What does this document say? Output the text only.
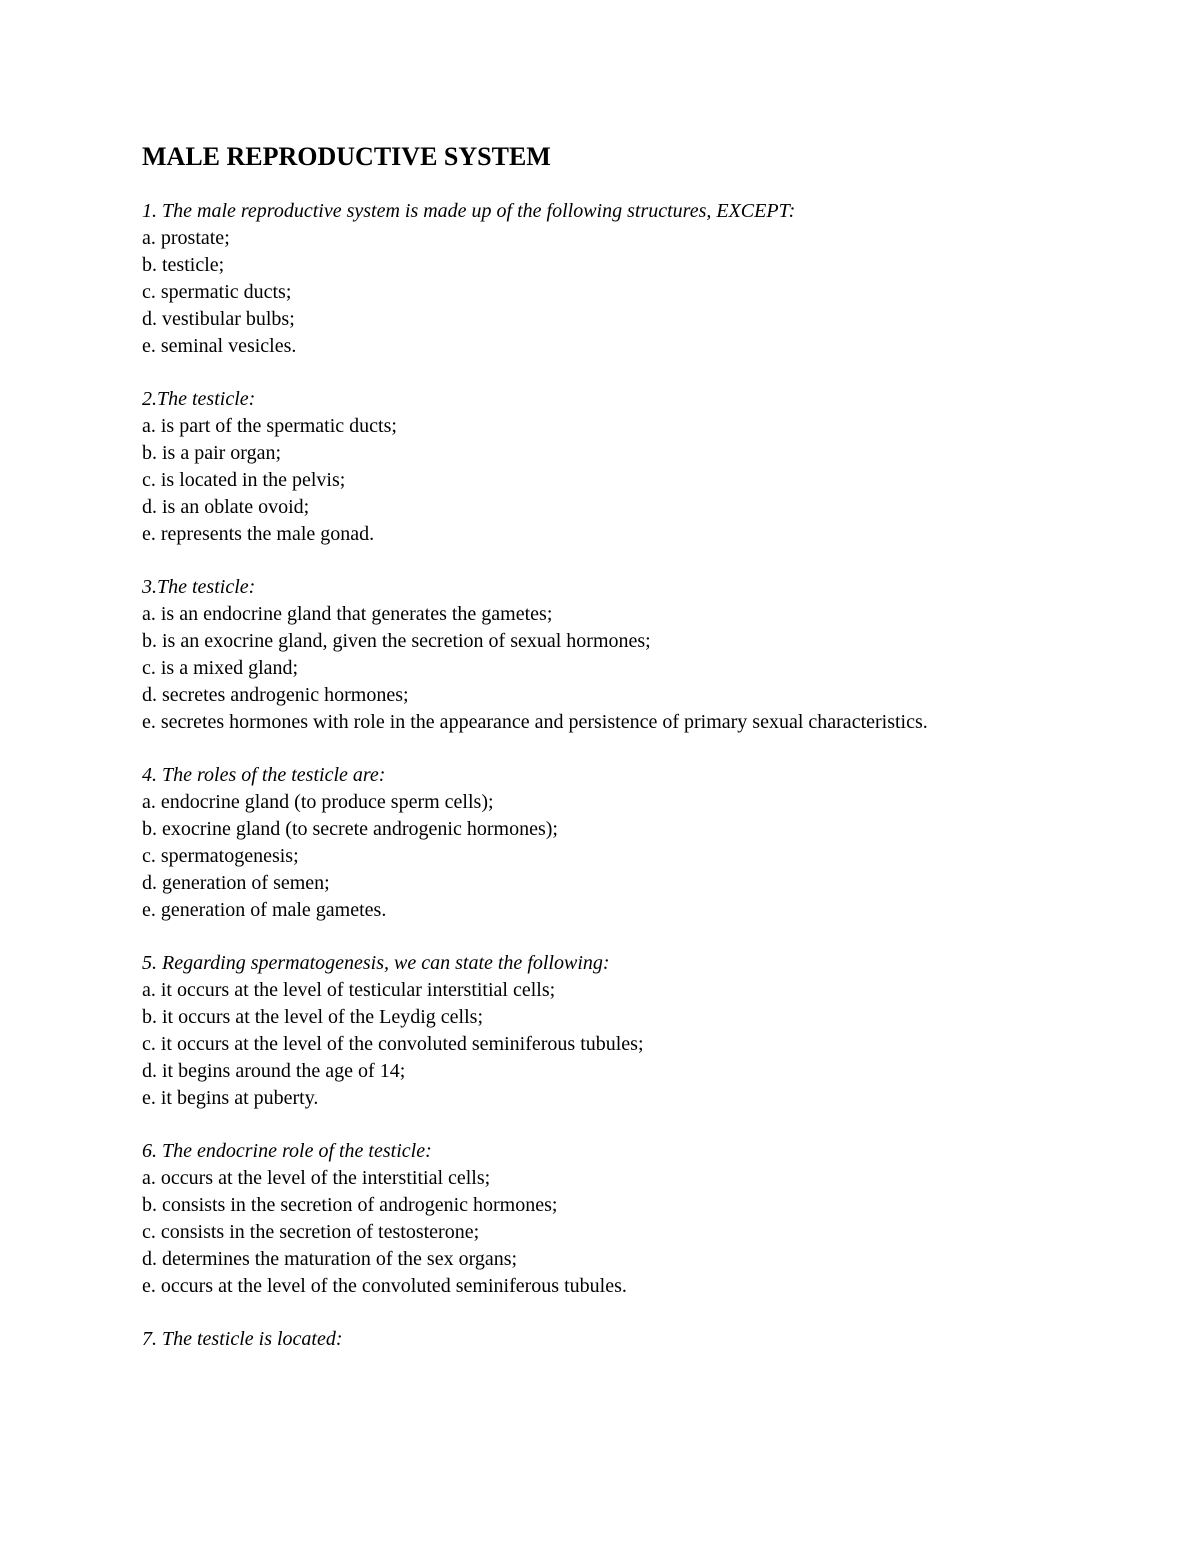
MALE REPRODUCTIVE SYSTEM
1. The male reproductive system is made up of the following structures, EXCEPT:
a. prostate;
b. testicle;
c. spermatic ducts;
d. vestibular bulbs;
e. seminal vesicles.
2.The testicle:
a. is part of the spermatic ducts;
b. is a pair organ;
c. is located in the pelvis;
d. is an oblate ovoid;
e. represents the male gonad.
3.The testicle:
a. is an endocrine gland that generates the gametes;
b. is an exocrine gland, given the secretion of sexual hormones;
c. is a mixed gland;
d. secretes androgenic hormones;
e. secretes hormones with role in the appearance and persistence of primary sexual characteristics.
4. The roles of the testicle are:
a. endocrine gland (to produce sperm cells);
b. exocrine gland (to secrete androgenic hormones);
c. spermatogenesis;
d. generation of semen;
e. generation of male gametes.
5. Regarding spermatogenesis, we can state the following:
a. it occurs at the level of testicular interstitial cells;
b. it occurs at the level of the Leydig cells;
c. it occurs at the level of the convoluted seminiferous tubules;
d. it begins around the age of 14;
e. it begins at puberty.
6. The endocrine role of the testicle:
a. occurs at the level of the interstitial cells;
b. consists in the secretion of androgenic hormones;
c. consists in the secretion of testosterone;
d. determines the maturation of the sex organs;
e. occurs at the level of the convoluted seminiferous tubules.
7. The testicle is located:
